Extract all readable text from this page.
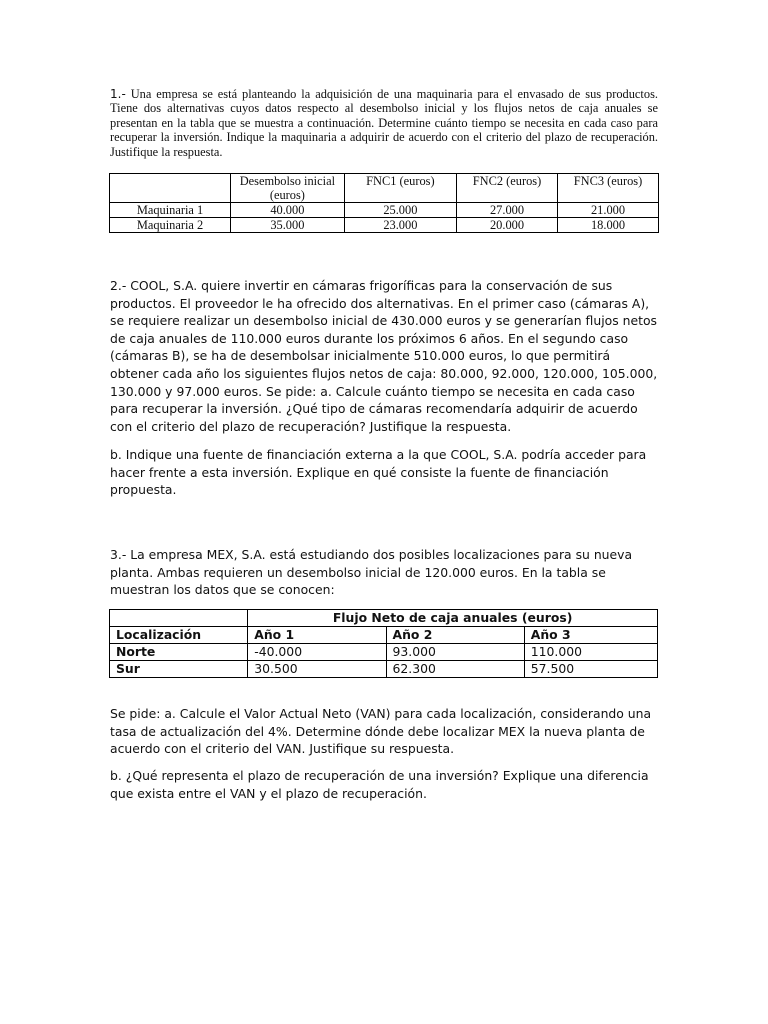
1.- Una empresa se está planteando la adquisición de una maquinaria para el envasado de sus productos. Tiene dos alternativas cuyos datos respecto al desembolso inicial y los flujos netos de caja anuales se presentan en la tabla que se muestra a continuación. Determine cuánto tiempo se necesita en cada caso para recuperar la inversión. Indique la maquinaria a adquirir de acuerdo con el criterio del plazo de recuperación. Justifique la respuesta.

	Desembolso inicial (euros)	FNC1 (euros)	FNC2 (euros)	FNC3 (euros)
Maquinaria 1	40.000	25.000	27.000	21.000
Maquinaria 2	35.000	23.000	20.000	18.000

2.- COOL, S.A. quiere invertir en cámaras frigoríficas para la conservación de sus productos. El proveedor le ha ofrecido dos alternativas. En el primer caso (cámaras A), se requiere realizar un desembolso inicial de 430.000 euros y se generarían flujos netos de caja anuales de 110.000 euros durante los próximos 6 años. En el segundo caso (cámaras B), se ha de desembolsar inicialmente 510.000 euros, lo que permitirá obtener cada año los siguientes flujos netos de caja: 80.000, 92.000, 120.000, 105.000, 130.000 y 97.000 euros. Se pide: a. Calcule cuánto tiempo se necesita en cada caso para recuperar la inversión. ¿Qué tipo de cámaras recomendaría adquirir de acuerdo con el criterio del plazo de recuperación? Justifique la respuesta.

b. Indique una fuente de financiación externa a la que COOL, S.A. podría acceder para hacer frente a esta inversión. Explique en qué consiste la fuente de financiación propuesta.

3.- La empresa MEX, S.A. está estudiando dos posibles localizaciones para su nueva planta. Ambas requieren un desembolso inicial de 120.000 euros. En la tabla se muestran los datos que se conocen:

	Flujo Neto de caja anuales (euros)		
Localización	Año 1	Año 2	Año 3
Norte	-40.000	93.000	110.000
Sur	30.500	62.300	57.500

Se pide: a. Calcule el Valor Actual Neto (VAN) para cada localización, considerando una tasa de actualización del 4%. Determine dónde debe localizar MEX la nueva planta de acuerdo con el criterio del VAN. Justifique su respuesta.

b. ¿Qué representa el plazo de recuperación de una inversión? Explique una diferencia que exista entre el VAN y el plazo de recuperación.
